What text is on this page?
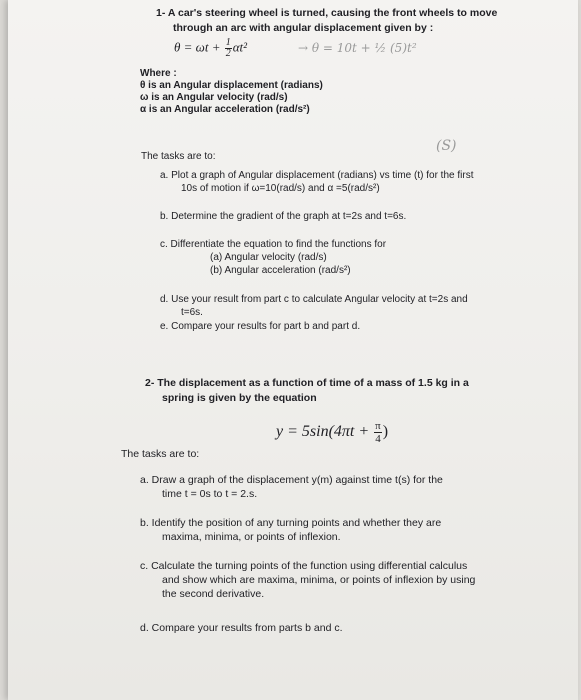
1- A car's steering wheel is turned, causing the front wheels to move
through an arc with angular displacement given by :
$\theta = \omega t + \frac{1}{2} \alpha t^2$	→ θ = 10t + ½ (5)t²
Where :
θ is an Angular displacement (radians)
ω is an Angular velocity (rad/s)
α is an Angular acceleration (rad/s²)
(S)
The tasks are to:
a. Plot a graph of Angular displacement (radians) vs time (t) for the first
10s of motion if ω=10(rad/s) and α =5(rad/s²)
b. Determine the gradient of the graph at t=2s and t=6s.
c. Differentiate the equation to find the functions for
(a) Angular velocity (rad/s)
(b) Angular acceleration (rad/s²)
d. Use your result from part c to calculate Angular velocity at t=2s and
t=6s.
e. Compare your results for part b and part d.
2- The displacement as a function of time of a mass of 1.5 kg in a
spring is given by the equation
$y = 5\sin(4\pi t + \frac{\pi}{4}$ )
The tasks are to:
a. Draw a graph of the displacement y(m) against time t(s) for the
time t = 0s to t = 2.s.
b. Identify the position of any turning points and whether they are
maxima, minima, or points of inflexion.
c. Calculate the turning points of the function using differential calculus
and show which are maxima, minima, or points of inflexion by using
the second derivative.
d. Compare your results from parts b and c.
